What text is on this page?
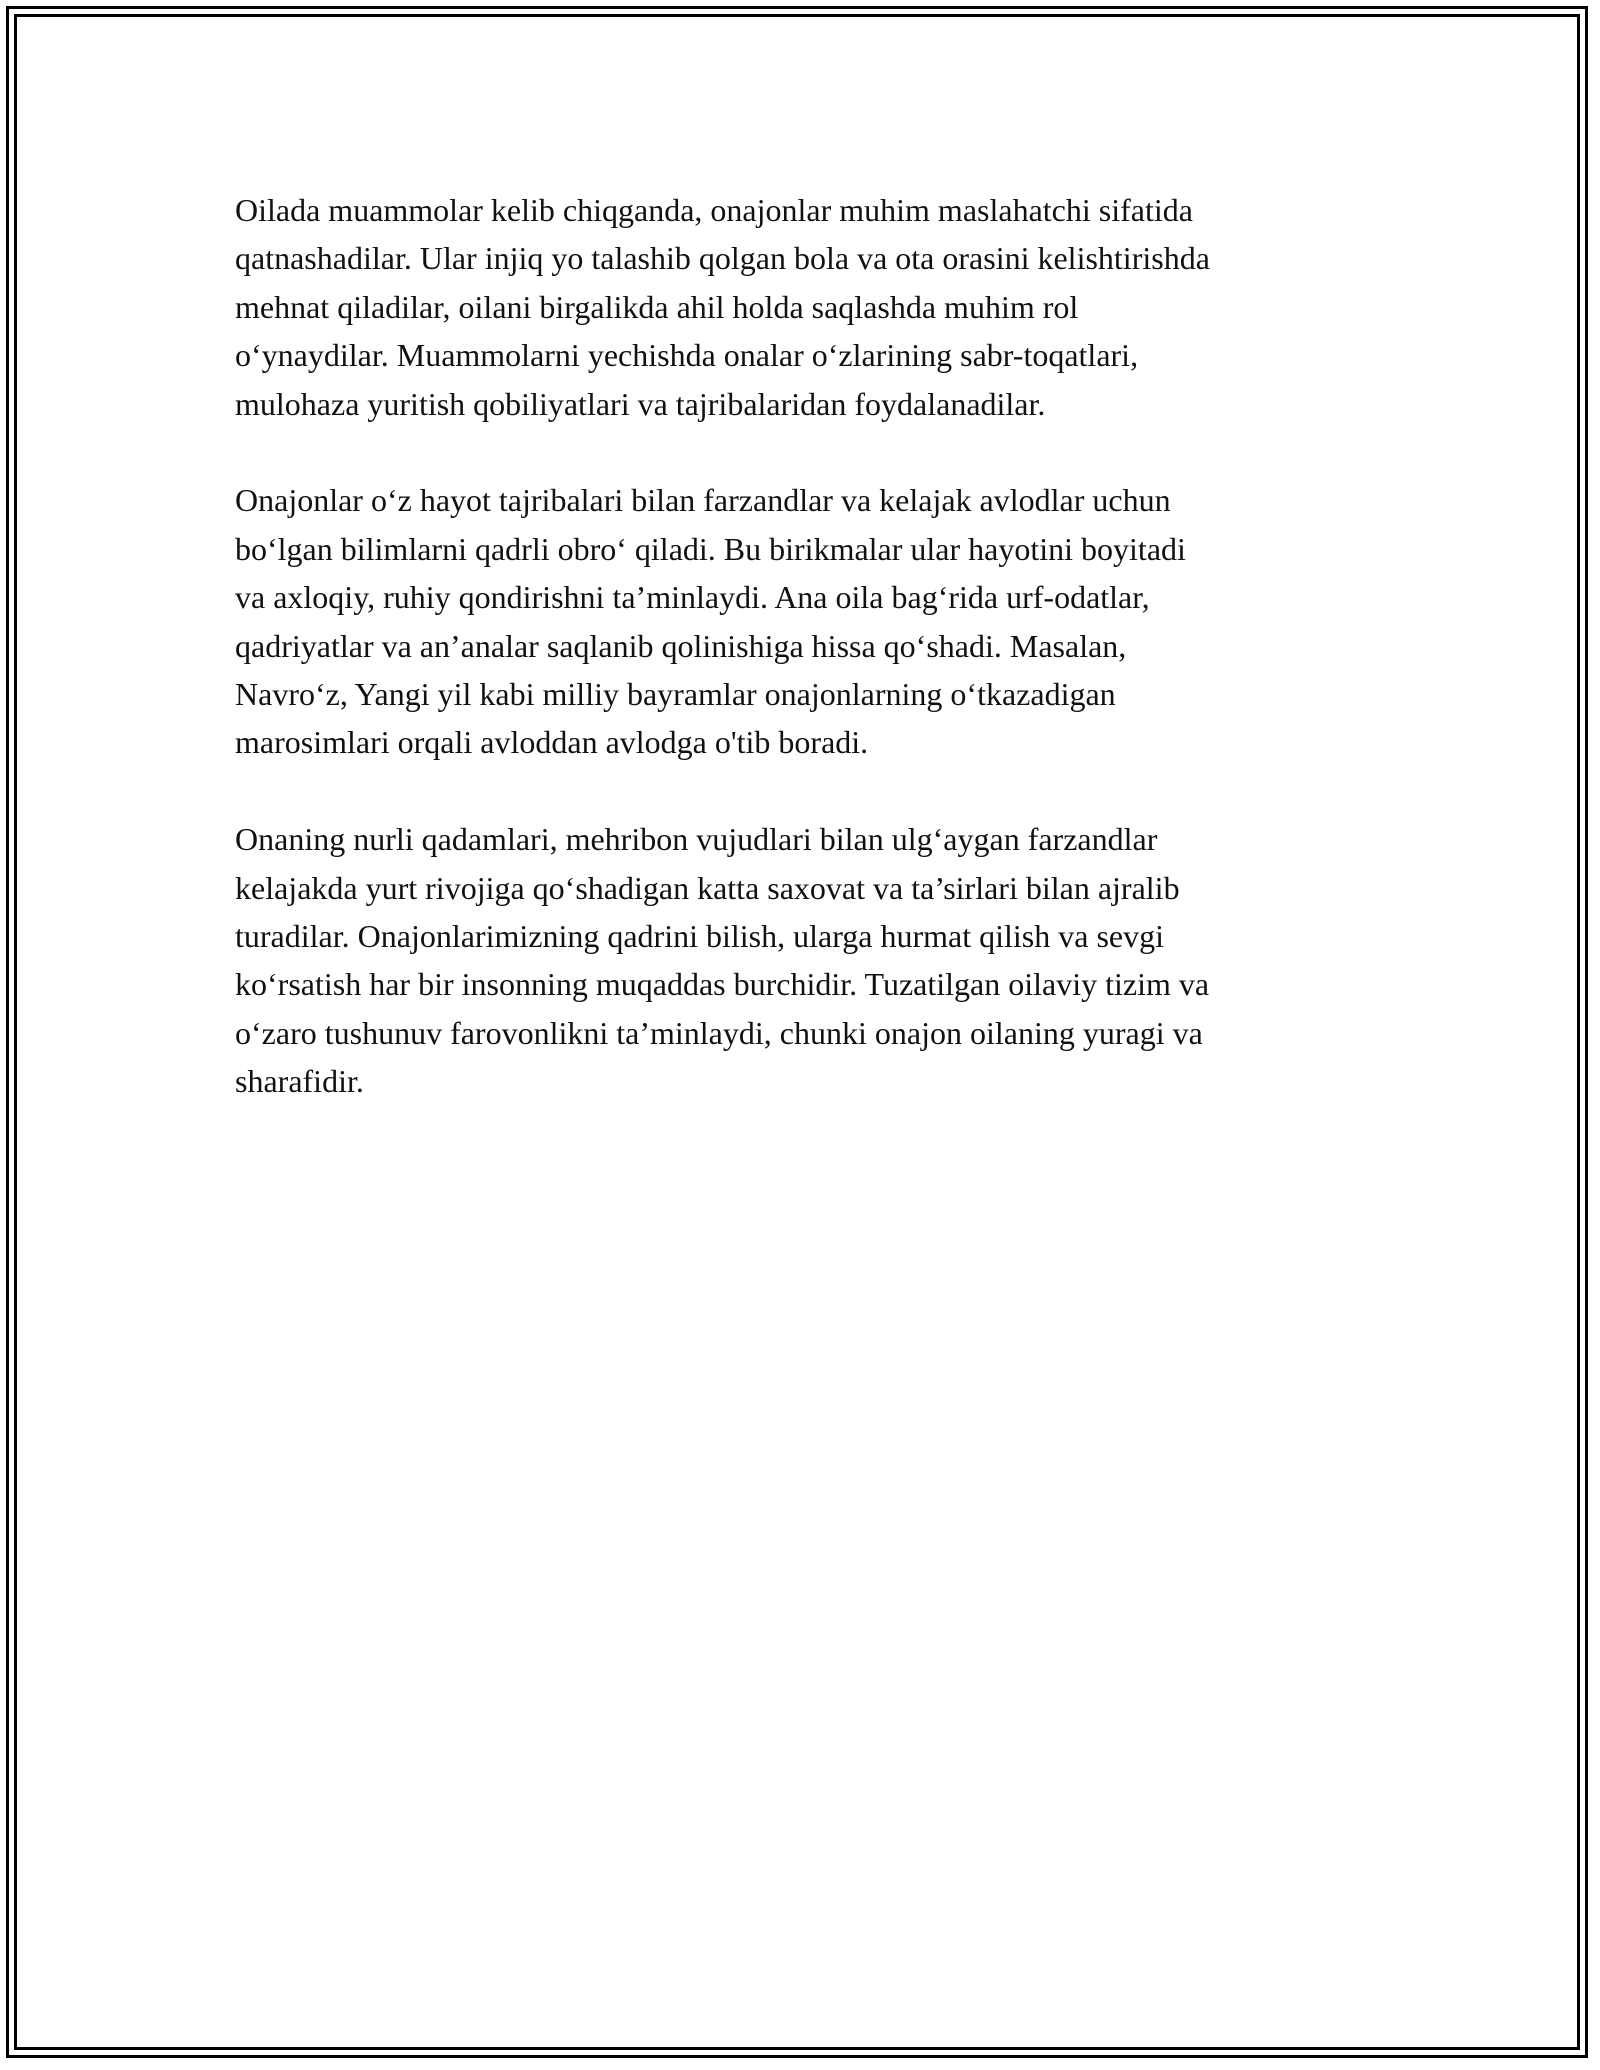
Oilada muammolar kelib chiqganda, onajonlar muhim maslahatchi sifatida
qatnashadilar. Ular injiq yo talashib qolgan bola va ota orasini kelishtirishda
mehnat qiladilar, oilani birgalikda ahil holda saqlashda muhim rol
o‘ynaydilar. Muammolarni yechishda onalar o‘zlarining sabr-toqatlari,
mulohaza yuritish qobiliyatlari va tajribalaridan foydalanadilar.

Onajonlar o‘z hayot tajribalari bilan farzandlar va kelajak avlodlar uchun
bo‘lgan bilimlarni qadrli obro‘ qiladi. Bu birikmalar ular hayotini boyitadi
va axloqiy, ruhiy qondirishni ta’minlaydi. Ana oila bag‘rida urf-odatlar,
qadriyatlar va an’analar saqlanib qolinishiga hissa qo‘shadi. Masalan,
Navro‘z, Yangi yil kabi milliy bayramlar onajonlarning o‘tkazadigan
marosimlari orqali avloddan avlodga o'tib boradi.

Onaning nurli qadamlari, mehribon vujudlari bilan ulg‘aygan farzandlar
kelajakda yurt rivojiga qo‘shadigan katta saxovat va ta’sirlari bilan ajralib
turadilar. Onajonlarimizning qadrini bilish, ularga hurmat qilish va sevgi
ko‘rsatish har bir insonning muqaddas burchidir. Tuzatilgan oilaviy tizim va
o‘zaro tushunuv farovonlikni ta’minlaydi, chunki onajon oilaning yuragi va
sharafidir.
